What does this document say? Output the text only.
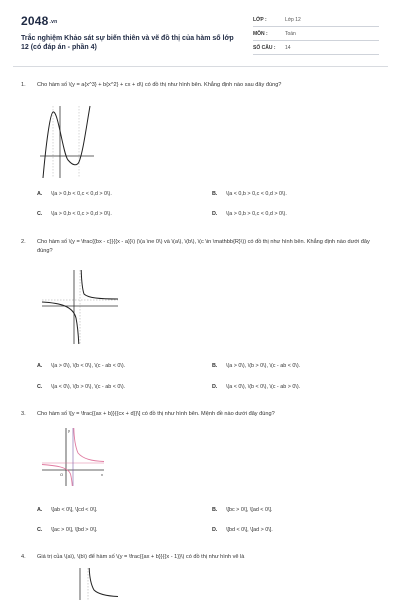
2048.vn
Trắc nghiệm Khảo sát sự biến thiên và vẽ đồ thị của hàm số lớp 12 (có đáp án - phần 4)
LỚP :	Lớp 12
MÔN :	Toán
SỐ CÂU : 14
1. Cho hàm số \(y = a{x^3} + b{x^2} + cx + d\) có đồ thị như hình bên. Khẳng định nào sau đây đúng?
A. \(a > 0,b < 0,c < 0,d > 0\).	B. \(a < 0,b > 0,c < 0,d > 0\).
C. \(a > 0,b < 0,c > 0,d > 0\).	D. \(a > 0,b > 0,c < 0,d > 0\).
2. Cho hàm số \(y = \frac{{bx - c}}{{x - a}}\) (\(a \ne 0\) và \(a\), \(b\), \(c \in \mathbb{R}\)) có đồ thị như hình bên. Khẳng định nào dưới đây đúng?
A. \(a > 0\), \(b < 0\), \(c - ab < 0\).	B. \(a > 0\), \(b > 0\), \(c - ab < 0\).
C. \(a < 0\), \(b > 0\), \(c - ab < 0\).	D. \(a < 0\), \(b < 0\), \(c - ab > 0\).
3. Cho hàm số \[y = \frac{{ax + b}}{{cx + d}}\] có đồ thị như hình bên. Mệnh đề nào dưới đây đúng?
O	x
y
A. \[ab < 0\], \[cd < 0\].	B. \[bc > 0\], \[ad < 0\].
C. \[ac > 0\], \[bd > 0\].	D. \[bd < 0\], \[ad > 0\].
4. Giá trị của \(a\), \(b\) để hàm số \(y = \frac{{ax + b}}{{x - 1}}\) có đồ thị như hình vẽ là
